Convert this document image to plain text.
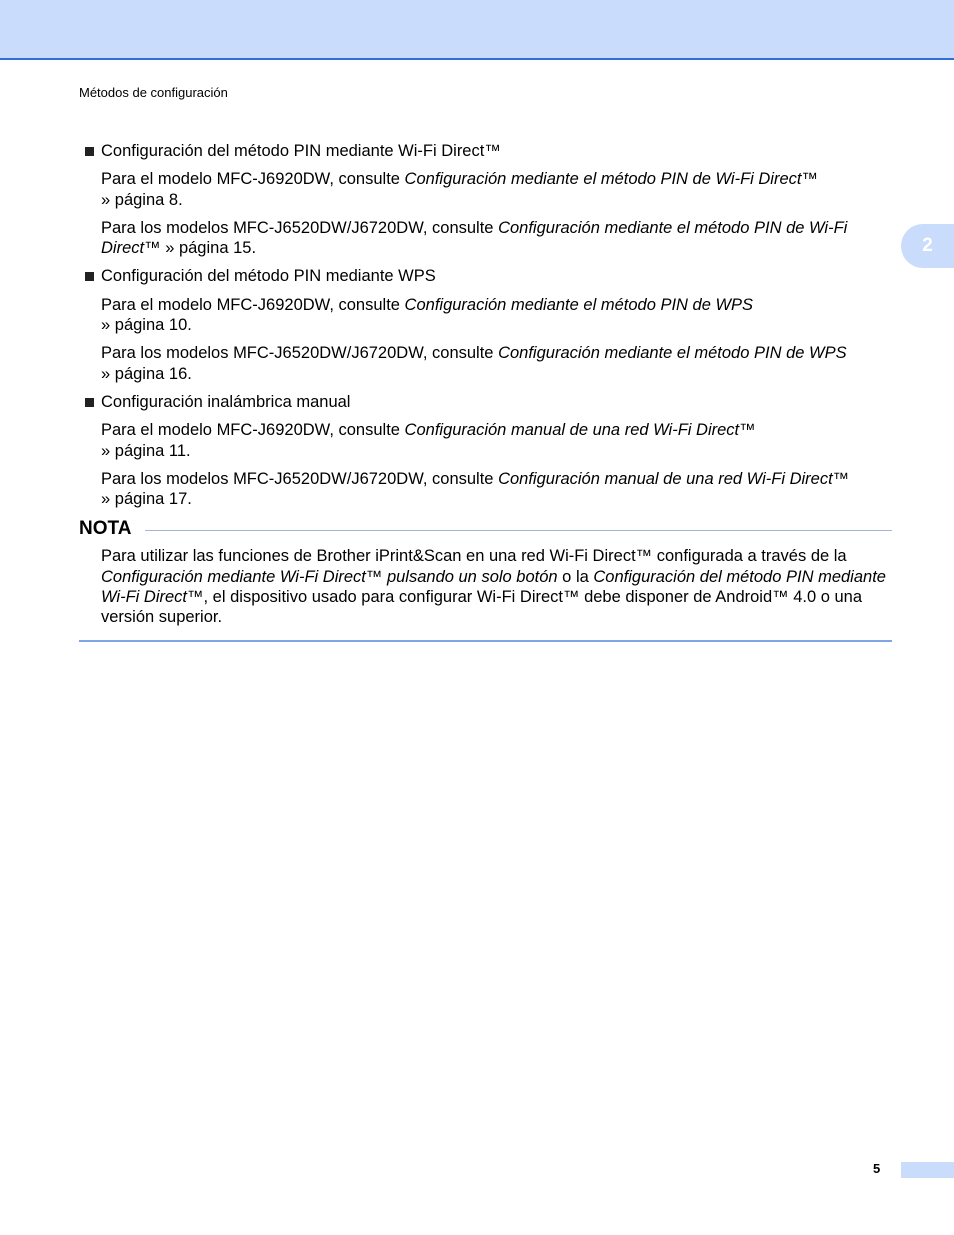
Métodos de configuración
2
Configuración del método PIN mediante Wi-Fi Direct™
Para el modelo MFC-J6920DW, consulte Configuración mediante el método PIN de Wi-Fi Direct™
» página 8.
Para los modelos MFC-J6520DW/J6720DW, consulte Configuración mediante el método PIN de Wi-Fi Direct™ » página 15.
Configuración del método PIN mediante WPS
Para el modelo MFC-J6920DW, consulte Configuración mediante el método PIN de WPS
» página 10.
Para los modelos MFC-J6520DW/J6720DW, consulte Configuración mediante el método PIN de WPS
» página 16.
Configuración inalámbrica manual
Para el modelo MFC-J6920DW, consulte Configuración manual de una red Wi-Fi Direct™
» página 11.
Para los modelos MFC-J6520DW/J6720DW, consulte Configuración manual de una red Wi-Fi Direct™
» página 17.
NOTA
Para utilizar las funciones de Brother iPrint&Scan en una red Wi-Fi Direct™ configurada a través de la Configuración mediante Wi-Fi Direct™ pulsando un solo botón o la Configuración del método PIN mediante Wi-Fi Direct™, el dispositivo usado para configurar Wi-Fi Direct™ debe disponer de Android™ 4.0 o una versión superior.
5
